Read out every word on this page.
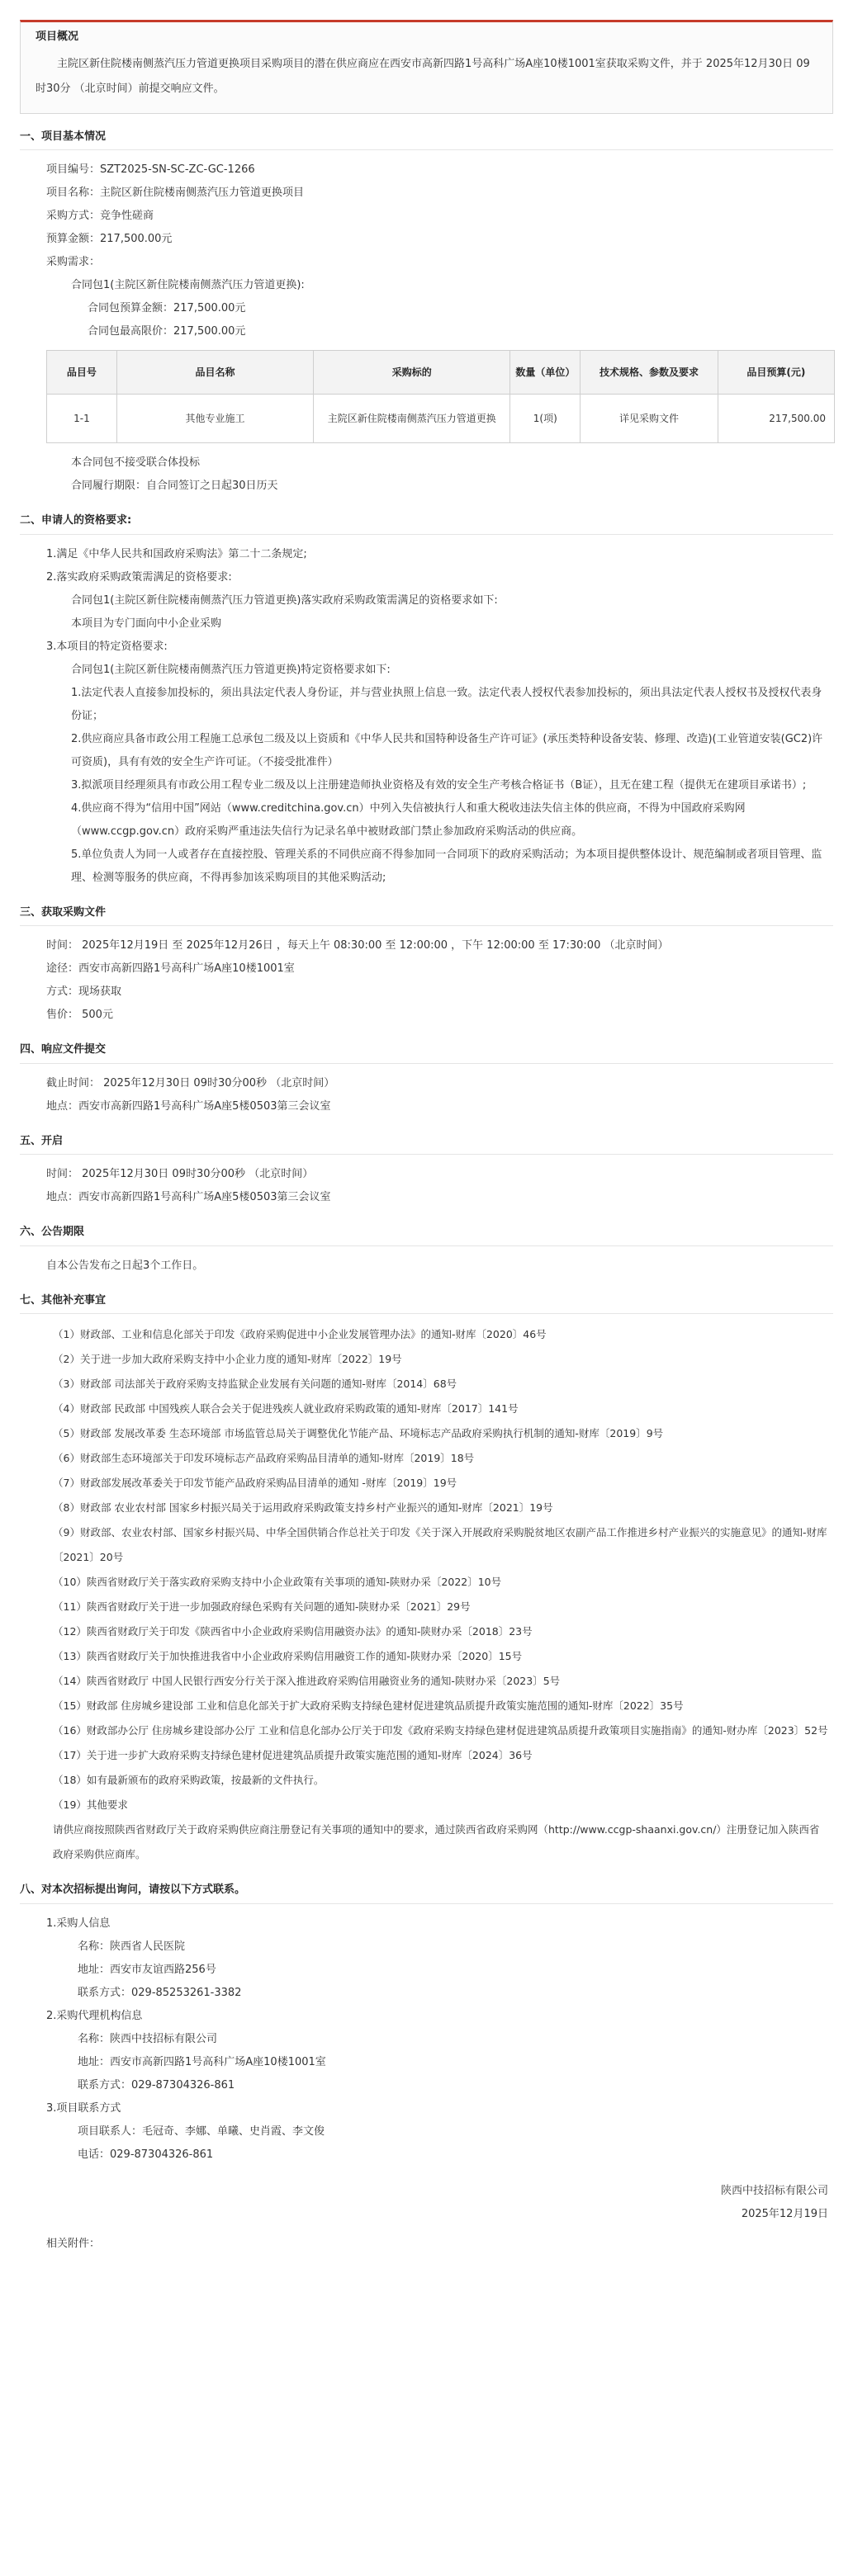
项目概况
主院区新住院楼南侧蒸汽压力管道更换项目采购项目的潜在供应商应在西安市高新四路1号高科广场A座10楼1001室获取采购文件，并于 2025年12月30日 09时30分 （北京时间）前提交响应文件。
一、项目基本情况
项目编号：SZT2025-SN-SC-ZC-GC-1266
项目名称：主院区新住院楼南侧蒸汽压力管道更换项目
采购方式：竞争性磋商
预算金额：217,500.00元
采购需求：
合同包1(主院区新住院楼南侧蒸汽压力管道更换):
合同包预算金额：217,500.00元
合同包最高限价：217,500.00元
品目号	品目名称	采购标的	数量（单位）	技术规格、参数及要求	品目预算(元)
1-1	其他专业施工	主院区新住院楼南侧蒸汽压力管道更换	1(项)	详见采购文件	217,500.00
本合同包不接受联合体投标
合同履行期限：自合同签订之日起30日历天
二、申请人的资格要求:
1.满足《中华人民共和国政府采购法》第二十二条规定;
2.落实政府采购政策需满足的资格要求:
合同包1(主院区新住院楼南侧蒸汽压力管道更换)落实政府采购政策需满足的资格要求如下:
本项目为专门面向中小企业采购
3.本项目的特定资格要求:
合同包1(主院区新住院楼南侧蒸汽压力管道更换)特定资格要求如下:
1.法定代表人直接参加投标的，须出具法定代表人身份证，并与营业执照上信息一致。法定代表人授权代表参加投标的，须出具法定代表人授权书及授权代表身份证；
2.供应商应具备市政公用工程施工总承包二级及以上资质和《中华人民共和国特种设备生产许可证》(承压类特种设备安装、修理、改造)(工业管道安装(GC2)许可资质)，具有有效的安全生产许可证。（不接受批准件）
3.拟派项目经理须具有市政公用工程专业二级及以上注册建造师执业资格及有效的安全生产考核合格证书（B证），且无在建工程（提供无在建项目承诺书）;
4.供应商不得为“信用中国”网站（www.creditchina.gov.cn）中列入失信被执行人和重大税收违法失信主体的供应商，不得为中国政府采购网（www.ccgp.gov.cn）政府采购严重违法失信行为记录名单中被财政部门禁止参加政府采购活动的供应商。
5.单位负责人为同一人或者存在直接控股、管理关系的不同供应商不得参加同一合同项下的政府采购活动；为本项目提供整体设计、规范编制或者项目管理、监理、检测等服务的供应商，不得再参加该采购项目的其他采购活动;
三、获取采购文件
时间： 2025年12月19日 至 2025年12月26日 ，每天上午 08:30:00 至 12:00:00 ，下午 12:00:00 至 17:30:00 （北京时间）
途径：西安市高新四路1号高科广场A座10楼1001室
方式：现场获取
售价： 500元
四、响应文件提交
截止时间： 2025年12月30日 09时30分00秒 （北京时间）
地点：西安市高新四路1号高科广场A座5楼0503第三会议室
五、开启
时间： 2025年12月30日 09时30分00秒 （北京时间）
地点：西安市高新四路1号高科广场A座5楼0503第三会议室
六、公告期限
自本公告发布之日起3个工作日。
七、其他补充事宜
（1）财政部、工业和信息化部关于印发《政府采购促进中小企业发展管理办法》的通知-财库〔2020〕46号
（2）关于进一步加大政府采购支持中小企业力度的通知-财库〔2022〕19号
（3）财政部 司法部关于政府采购支持监狱企业发展有关问题的通知-财库〔2014〕68号
（4）财政部 民政部 中国残疾人联合会关于促进残疾人就业政府采购政策的通知-财库〔2017〕141号
（5）财政部 发展改革委 生态环境部 市场监管总局关于调整优化节能产品、环境标志产品政府采购执行机制的通知-财库〔2019〕9号
（6）财政部生态环境部关于印发环境标志产品政府采购品目清单的通知-财库〔2019〕18号
（7）财政部发展改革委关于印发节能产品政府采购品目清单的通知 -财库〔2019〕19号
（8）财政部 农业农村部 国家乡村振兴局关于运用政府采购政策支持乡村产业振兴的通知-财库〔2021〕19号
（9）财政部、农业农村部、国家乡村振兴局、中华全国供销合作总社关于印发《关于深入开展政府采购脱贫地区农副产品工作推进乡村产业振兴的实施意见》的通知-财库〔2021〕20号
（10）陕西省财政厅关于落实政府采购支持中小企业政策有关事项的通知-陕财办采〔2022〕10号
（11）陕西省财政厅关于进一步加强政府绿色采购有关问题的通知-陕财办采〔2021〕29号
（12）陕西省财政厅关于印发《陕西省中小企业政府采购信用融资办法》的通知-陕财办采〔2018〕23号
（13）陕西省财政厅关于加快推进我省中小企业政府采购信用融资工作的通知-陕财办采〔2020〕15号
（14）陕西省财政厅 中国人民银行西安分行关于深入推进政府采购信用融资业务的通知-陕财办采〔2023〕5号
（15）财政部 住房城乡建设部 工业和信息化部关于扩大政府采购支持绿色建材促进建筑品质提升政策实施范围的通知-财库〔2022〕35号
（16）财政部办公厅 住房城乡建设部办公厅 工业和信息化部办公厅关于印发《政府采购支持绿色建材促进建筑品质提升政策项目实施指南》的通知-财办库〔2023〕52号
（17）关于进一步扩大政府采购支持绿色建材促进建筑品质提升政策实施范围的通知-财库〔2024〕36号
（18）如有最新颁布的政府采购政策，按最新的文件执行。
（19）其他要求
请供应商按照陕西省财政厅关于政府采购供应商注册登记有关事项的通知中的要求，通过陕西省政府采购网（http://www.ccgp-shaanxi.gov.cn/）注册登记加入陕西省政府采购供应商库。
八、对本次招标提出询问，请按以下方式联系。
1.采购人信息
名称：陕西省人民医院
地址：西安市友谊西路256号
联系方式：029-85253261-3382
2.采购代理机构信息
名称：陕西中技招标有限公司
地址：西安市高新四路1号高科广场A座10楼1001室
联系方式：029-87304326-861
3.项目联系方式
项目联系人：毛冠奇、李娜、单曦、史肖霞、李文俊
电话：029-87304326-861
陕西中技招标有限公司
2025年12月19日
相关附件：
